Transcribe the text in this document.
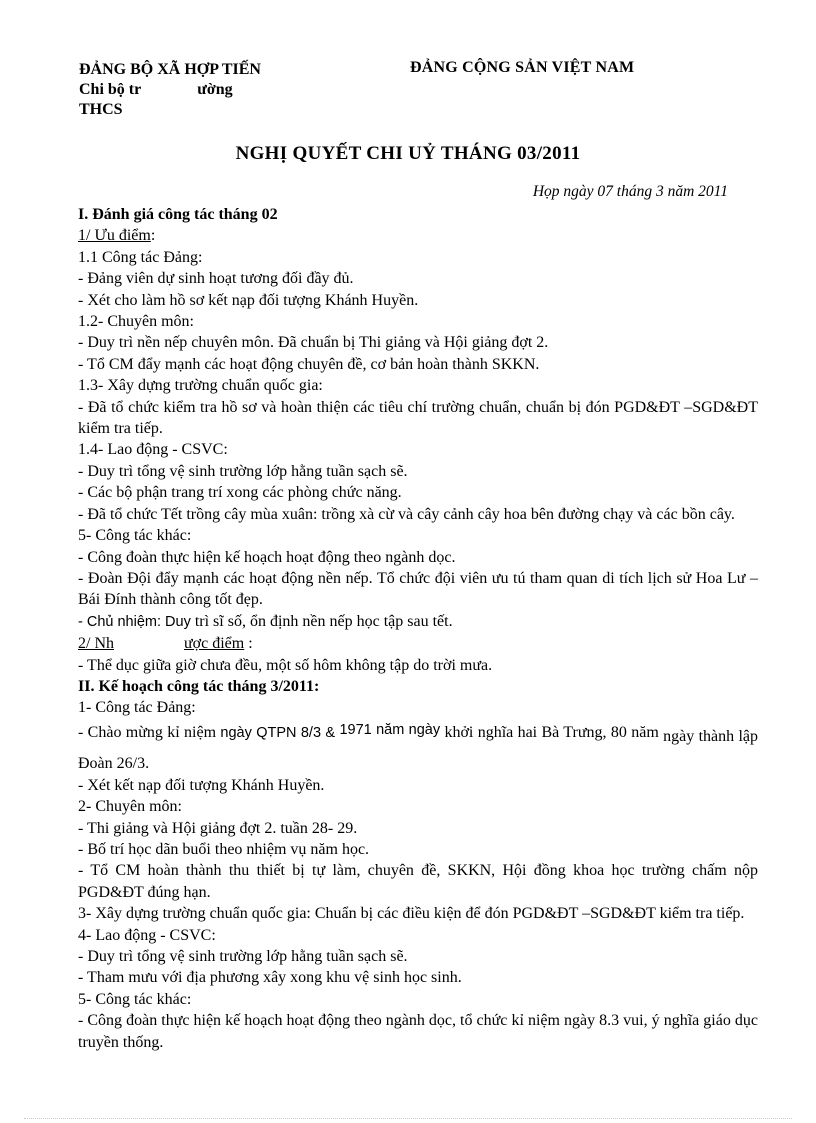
ĐẢNG BỘ XÃ HỢP TIẾN
Chi bộ tr	ường
THCS
ĐẢNG CỘNG SẢN VIỆT NAM
NGHỊ QUYẾT CHI UỶ THÁNG 03/2011
Họp ngày 07 tháng 3 năm 2011
I. Đánh giá công tác tháng 02
1/ Ưu điểm:
1.1 Công tác Đảng:
- Đảng viên dự sinh hoạt tương đối đầy đủ.
- Xét cho làm hồ sơ kết nạp đối tượng Khánh Huyền.
1.2- Chuyên môn:
- Duy trì nền nếp chuyên môn. Đã chuẩn bị Thi giảng và Hội giảng đợt 2.
- Tổ CM đẩy mạnh các hoạt động chuyên đề, cơ bản hoàn thành SKKN.
1.3- Xây dựng trường chuẩn quốc gia:
- Đã tổ chức kiểm tra hồ sơ và hoàn thiện các tiêu chí trường chuẩn, chuẩn bị đón PGD&ĐT –SGD&ĐT kiểm tra tiếp.
1.4- Lao động - CSVC:
- Duy trì tổng vệ sinh trường lớp hằng tuần sạch sẽ.
- Các bộ phận trang trí xong các phòng chức năng.
- Đã tổ chức Tết trồng cây mùa xuân: trồng xà cừ và cây cảnh cây hoa bên đường chạy và các bồn cây.
5- Công tác khác:
- Công đoàn thực hiện kế hoạch hoạt động theo ngành dọc.
- Đoàn Đội đẩy mạnh các hoạt động nền nếp. Tổ chức đội viên ưu tú tham quan di tích lịch sử Hoa Lư – Bái Đính thành công tốt đẹp.
- Chủ nhiệm: Duy trì sĩ số, ổn định nền nếp học tập sau tết.
2/ Nh	ược điểm :
- Thể dục giữa giờ chưa đều, một số hôm không tập do trời mưa.
II. Kế hoạch công tác tháng 3/2011:
1- Công tác Đảng:
- Chào mừng kỉ niệm ngày QTPN 8/3 & 1971 năm ngày khởi nghĩa hai Bà Trưng, 80 năm ngày thành lập Đoàn 26/3.
- Xét kết nạp đối tượng Khánh Huyền.
2- Chuyên môn:
- Thi giảng và Hội giảng đợt 2. tuần 28- 29.
- Bố trí học dãn buổi theo nhiệm vụ năm học.
- Tổ CM hoàn thành thu thiết bị tự làm, chuyên đề, SKKN, Hội đồng khoa học trường chấm nộp PGD&ĐT đúng hạn.
3- Xây dựng trường chuẩn quốc gia: Chuẩn bị các điều kiện để đón PGD&ĐT –SGD&ĐT kiểm tra tiếp.
4- Lao động - CSVC:
- Duy trì tổng vệ sinh trường lớp hằng tuần sạch sẽ.
- Tham mưu với địa phương xây xong khu vệ sinh học sinh.
5- Công tác khác:
- Công đoàn thực hiện kế hoạch hoạt động theo ngành dọc, tổ chức kỉ niệm ngày 8.3 vui, ý nghĩa giáo dục truyền thống.
